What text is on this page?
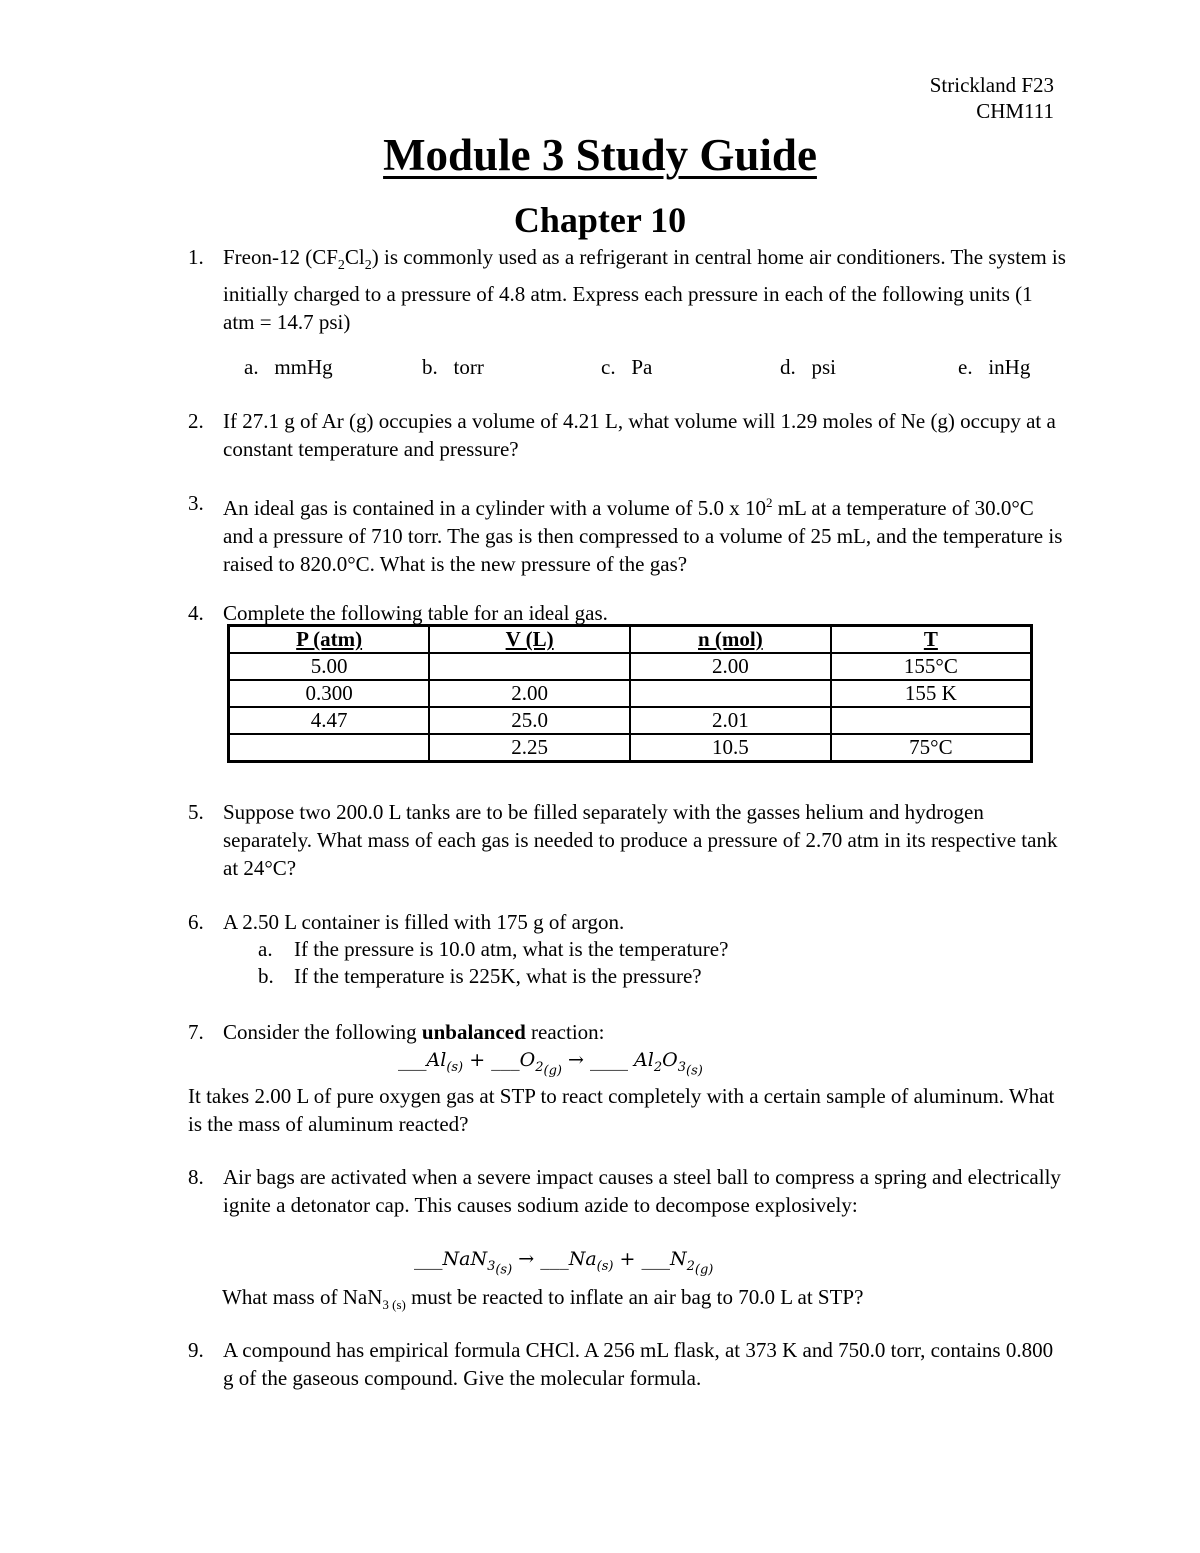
Strickland F23
CHM111
Module 3 Study Guide
Chapter 10
1. Freon-12 $(CF_2Cl_2)$ is commonly used as a refrigerant in central home air conditioners. The system is initially charged to a pressure of 4.8 atm. Express each pressure in each of the following units (1 atm = 14.7 psi)
a. mmHg	b. torr	c. Pa	d. psi	e. inHg
2. If 27.1 g of Ar (g) occupies a volume of 4.21 L, what volume will 1.29 moles of Ne (g) occupy at a constant temperature and pressure?
3. An ideal gas is contained in a cylinder with a volume of 5.0 x $10^2$ mL at a temperature of 30.0°C and a pressure of 710 torr. The gas is then compressed to a volume of 25 mL, and the temperature is raised to 820.0°C. What is the new pressure of the gas?
4. Complete the following table for an ideal gas.
P (atm)	V (L)	n (mol)	T
5.00		2.00	155°C
0.300	2.00		155 K
4.47	25.0	2.01	
	2.25	10.5	75°C
5. Suppose two 200.0 L tanks are to be filled separately with the gasses helium and hydrogen separately. What mass of each gas is needed to produce a pressure of 2.70 atm in its respective tank at 24°C?
6. A 2.50 L container is filled with 175 g of argon.
a. If the pressure is 10.0 atm, what is the temperature?
b. If the temperature is 225K, what is the pressure?
7. Consider the following unbalanced reaction:
$\_\_\_Al_{(s)}$ + $\_\_\_O_{2_{(g)}}$ → ____ $Al_2O_{3_{(s)}}$
It takes 2.00 L of pure oxygen gas at STP to react completely with a certain sample of aluminum. What is the mass of aluminum reacted?
8. Air bags are activated when a severe impact causes a steel ball to compress a spring and electrically ignite a detonator cap. This causes sodium azide to decompose explosively:
___NaN$_{3_{(s)}}$ → $\_\_\_Na_{(s)}$ + $\_\_\_N_{2_{(g)}}$
What mass of NaN$_{3 (s)}$ must be reacted to inflate an air bag to 70.0 L at STP?
9. A compound has empirical formula CHCl. A 256 mL flask, at 373 K and 750.0 torr, contains 0.800 g of the gaseous compound. Give the molecular formula.
